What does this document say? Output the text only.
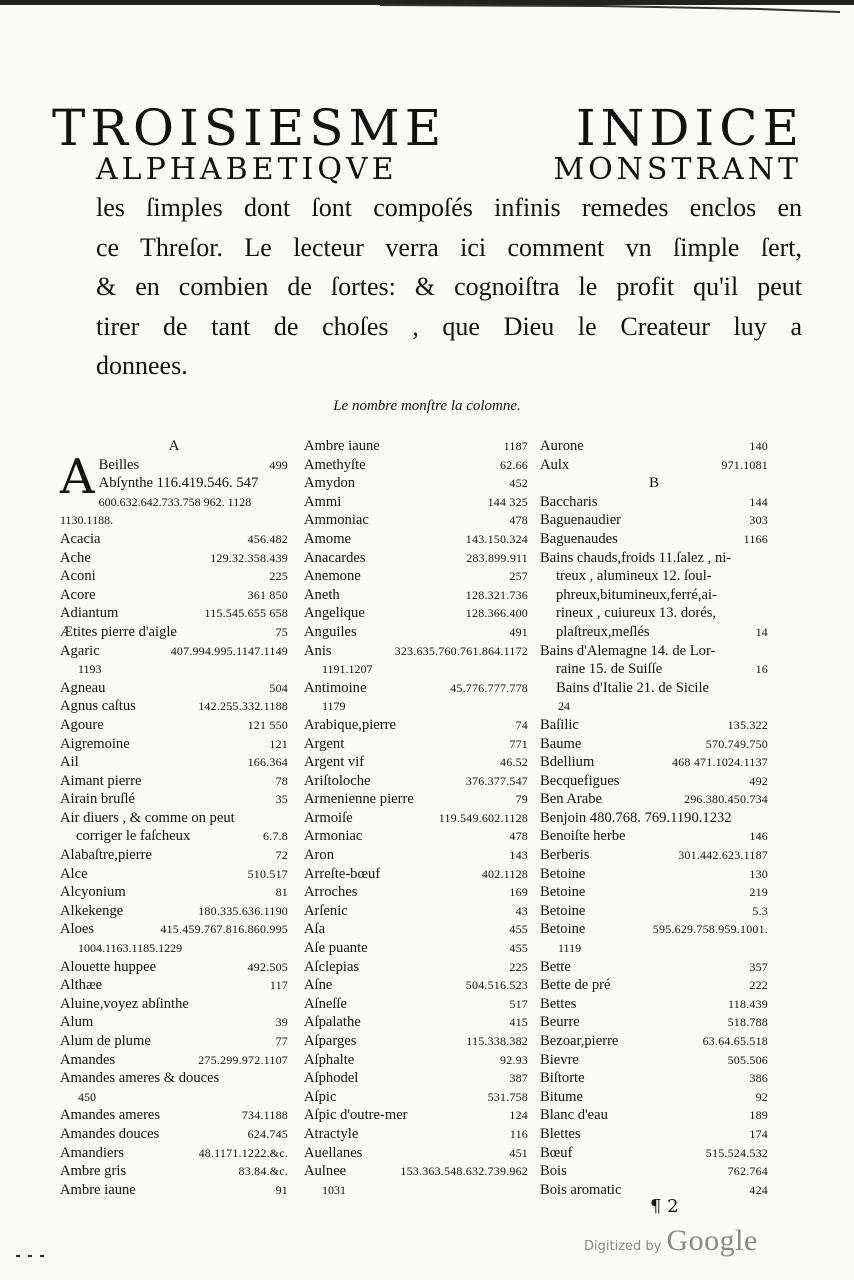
TROISIESME INDICE
ALPHABETIQVE MONSTRANT
les ſimples dont ſont compoſés infinis remedes enclos en
ce Threſor. Le lecteur verra ici comment vn ſimple ſert,
& en combien de ſortes: & cognoiſtra le profit qu'il peut
tirer de tant de choſes , que Dieu le Createur luy a
donnees.
Le nombre monſtre la colomne.
A
A Beilles	499
Abſynthe 116.419.546. 547
600.632.642.733.758 962. 1128
1130.1188.
Acacia	456.482
Ache	129.32.358.439
Aconi	225
Acore	361 850
Adiantum	115.545.655 658
Ætites pierre d'aigle	75
Agaric	407.994.995.1147.1149
1193
Agneau	504
Agnus caſtus	142.255.332.1188
Agoure	121 550
Aigremoine	121
Ail	166.364
Aimant pierre	78
Airain bruſlé	35
Air diuers , & comme on peut
corriger le faſcheux	6.7.8
Alabaſtre,pierre	72
Alce	510.517
Alcyonium	81
Alkekenge	180.335.636.1190
Aloes	415.459.767.816.860.995
1004.1163.1185.1229
Alouette huppee	492.505
Althæe	117
Aluine,voyez abſinthe
Alum	39
Alum de plume	77
Amandes	275.299.972.1107
Amandes ameres & douces
450
Amandes ameres	734.1188
Amandes douces	624.745
Amandiers	48.1171.1222.&c.
Ambre gris	83.84.&c.
Ambre iaune	91
Ambre iaune	1187
Amethyſte	62.66
Amydon	452
Ammi	144 325
Ammoniac	478
Amome	143.150.324
Anacardes	283.899.911
Anemone	257
Aneth	128.321.736
Angelique	128.366.400
Anguiles	491
Anis	323.635.760.761.864.1172
1191.1207
Antimoine	45.776.777.778
1179
Arabique,pierre	74
Argent	771
Argent vif	46.52
Ariſtoloche	376.377.547
Armenienne pierre	79
Armoiſe	119.549.602.1128
Armoniac	478
Aron	143
Arreſte-bœuf	402.1128
Arroches	169
Arſenic	43
Aſa	455
Aſe puante	455
Aſclepias	225
Aſne	504.516.523
Aſneſſe	517
Aſpalathe	415
Aſparges	115.338.382
Aſphalte	92.93
Aſphodel	387
Aſpic	531.758
Aſpic d'outre-mer	124
Atractyle	116
Auellanes	451
Aulnee	153.363.548.632.739.962
1031
Aurone	140
Aulx	971.1081
B
Baccharis	144
Baguenaudier	303
Baguenaudes	1166
Bains chauds,froids 11.ſalez , ni-
treux , alumineux 12. ſoul-
phreux,bitumineux,ferré,ai-
rineux , cuiureux 13. dorés,
plaſtreux,meſlés	14
Bains d'Alemagne 14. de Lor-
raine 15. de Suiſſe	16
Bains d'Italie 21. de Sicile
24
Baſilic	135.322
Baume	570.749.750
Bdellium	468 471.1024.1137
Becquefigues	492
Ben Arabe	296.380.450.734
Benjoin 480.768. 769.1190.1232
Benoiſte herbe	146
Berberis	301.442.623.1187
Betoine	130
Betoine	219
Betoine	5.3
Betoine	595.629.758.959.1001.
1119
Bette	357
Bette de pré	222
Bettes	118.439
Beurre	518.788
Bezoar,pierre	63.64.65.518
Bievre	505.506
Biſtorte	386
Bitume	92
Blanc d'eau	189
Blettes	174
Bœuf	515.524.532
Bois	762.764
Bois aromatic	424
¶ 2
Digitized by Google
